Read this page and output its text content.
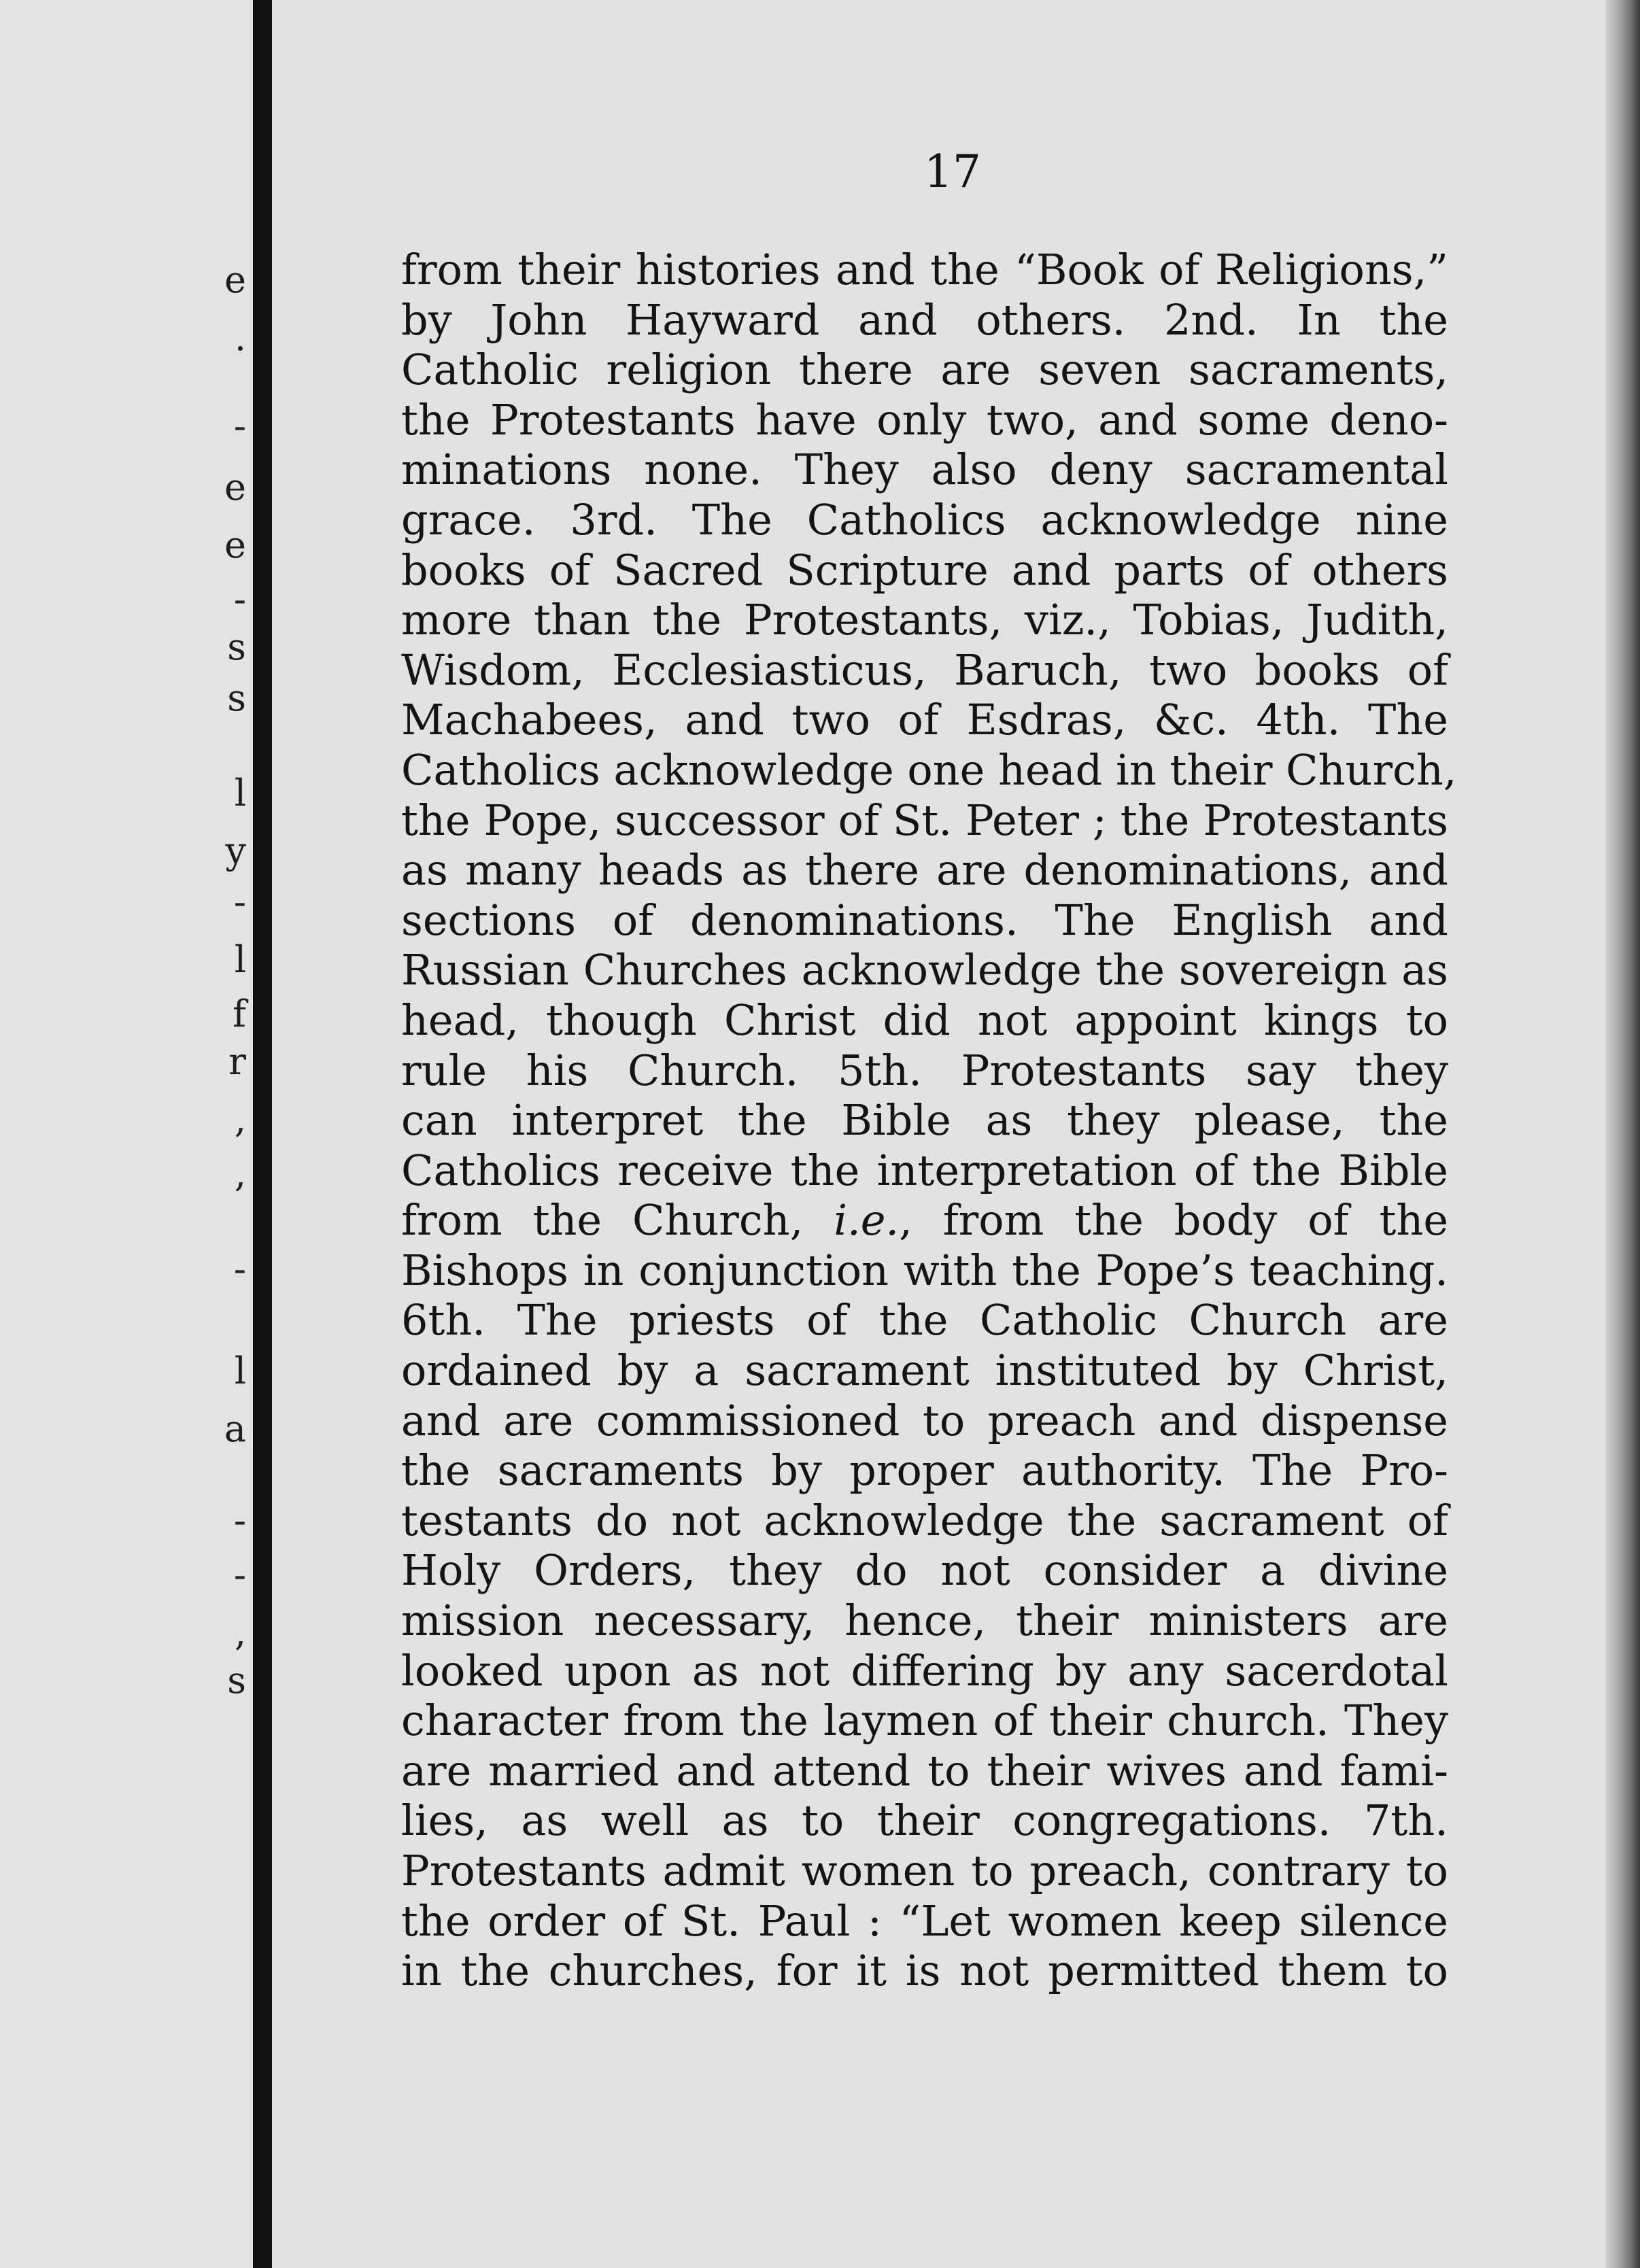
e
.
-
e
e
-
s
s
l
y
-
l
f
r
,
,
-
l
a
-
-
,
s
17
from their histories and the “Book of Religions,”
by John Hayward and others. 2nd. In the
Catholic religion there are seven sacraments,
the Protestants have only two, and some deno-
minations none. They also deny sacramental
grace. 3rd. The Catholics acknowledge nine
books of Sacred Scripture and parts of others
more than the Protestants, viz., Tobias, Judith,
Wisdom, Ecclesiasticus, Baruch, two books of
Machabees, and two of Esdras, &c. 4th. The
Catholics acknowledge one head in their Church,
the Pope, successor of St. Peter ; the Protestants
as many heads as there are denominations, and
sections of denominations. The English and
Russian Churches acknowledge the sovereign as
head, though Christ did not appoint kings to
rule his Church. 5th. Protestants say they
can interpret the Bible as they please, the
Catholics receive the interpretation of the Bible
from the Church, i.e., from the body of the
Bishops in conjunction with the Pope’s teaching.
6th. The priests of the Catholic Church are
ordained by a sacrament instituted by Christ,
and are commissioned to preach and dispense
the sacraments by proper authority. The Pro-
testants do not acknowledge the sacrament of
Holy Orders, they do not consider a divine
mission necessary, hence, their ministers are
looked upon as not differing by any sacerdotal
character from the laymen of their church. They
are married and attend to their wives and fami-
lies, as well as to their congregations. 7th.
Protestants admit women to preach, contrary to
the order of St. Paul : “Let women keep silence
in the churches, for it is not permitted them to
